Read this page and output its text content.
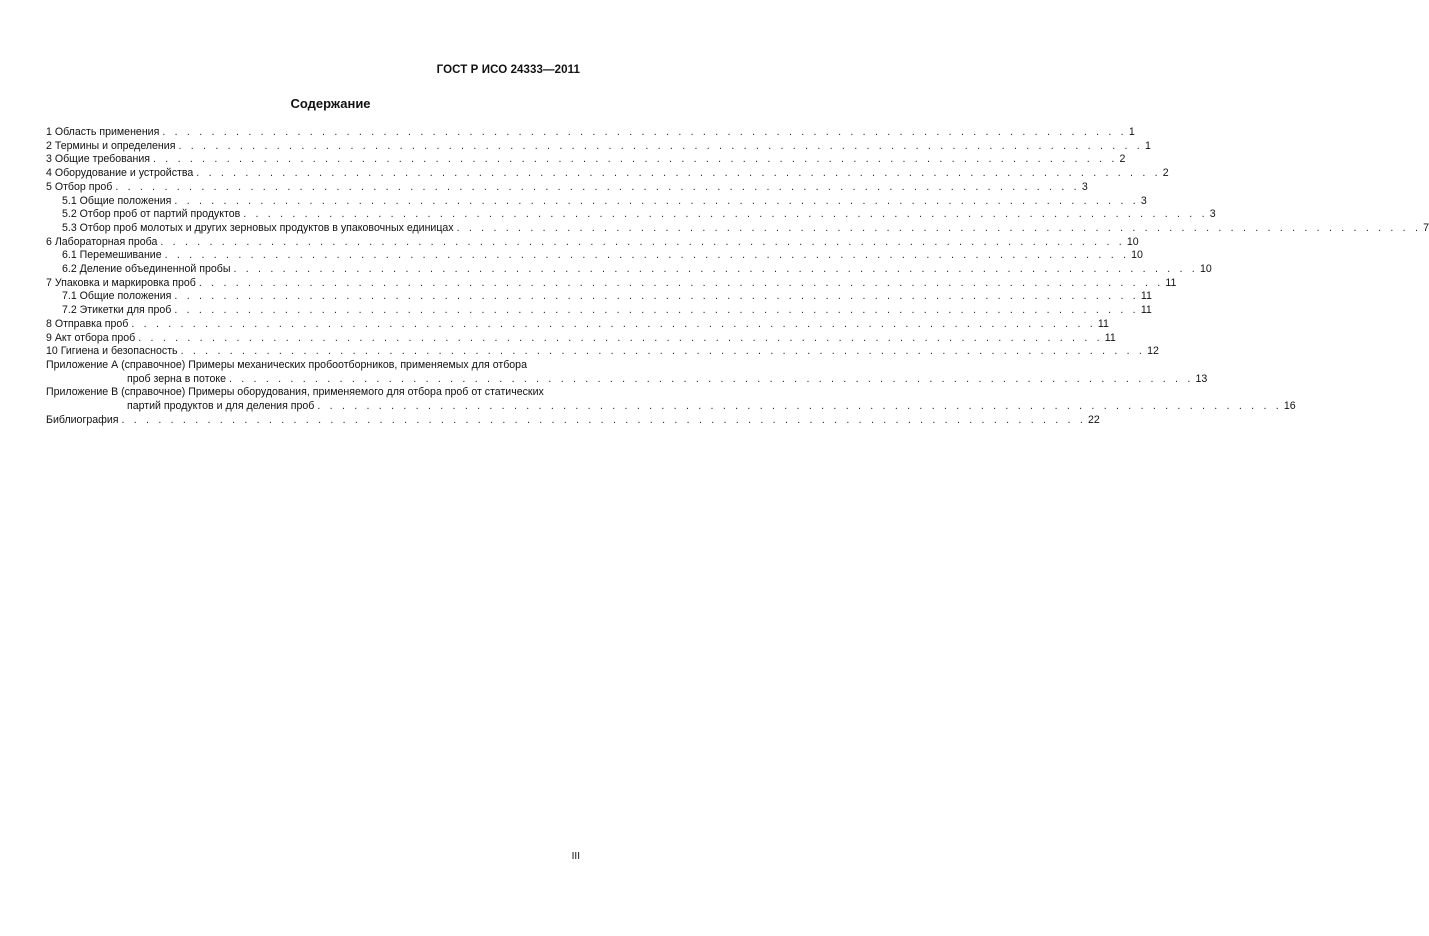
ГОСТ Р ИСО 24333—2011
Содержание
1 Область применения . . . . . . . . . . . . . . . . . . . . . . . . . . . . . . . . . . . . . . . . . . . . . . . . . . . . . . . . . . . . . . . . . . . . . . . . . . . . . . . 1
2 Термины и определения . . . . . . . . . . . . . . . . . . . . . . . . . . . . . . . . . . . . . . . . . . . . . . . . . . . . . . . . . . . . . . . . . . . . . . . . . . . . . . . 1
3 Общие требования . . . . . . . . . . . . . . . . . . . . . . . . . . . . . . . . . . . . . . . . . . . . . . . . . . . . . . . . . . . . . . . . . . . . . . . . . . . . . . . 2
4 Оборудование и устройства . . . . . . . . . . . . . . . . . . . . . . . . . . . . . . . . . . . . . . . . . . . . . . . . . . . . . . . . . . . . . . . . . . . . . . . . . . . . . . . 2
5 Отбор проб . . . . . . . . . . . . . . . . . . . . . . . . . . . . . . . . . . . . . . . . . . . . . . . . . . . . . . . . . . . . . . . . . . . . . . . . . . . . . . . 3
5.1 Общие положения . . . . . . . . . . . . . . . . . . . . . . . . . . . . . . . . . . . . . . . . . . . . . . . . . . . . . . . . . . . . . . . . . . . . . . . . . . . . . . . 3
5.2 Отбор проб от партий продуктов . . . . . . . . . . . . . . . . . . . . . . . . . . . . . . . . . . . . . . . . . . . . . . . . . . . . . . . . . . . . . . . . . . . . . . . . . . . . . . . 3
5.3 Отбор проб молотых и других зерновых продуктов в упаковочных единицах . . . . . . . . . . . . . . . . . . . . . . . . . . . . . . . . . . . . . . . . . . . . . . . . . . . . . . . . . . . . . . . . . . . . . . . . . . . . . . . 7
6 Лабораторная проба . . . . . . . . . . . . . . . . . . . . . . . . . . . . . . . . . . . . . . . . . . . . . . . . . . . . . . . . . . . . . . . . . . . . . . . . . . . . . . . 10
6.1 Перемешивание . . . . . . . . . . . . . . . . . . . . . . . . . . . . . . . . . . . . . . . . . . . . . . . . . . . . . . . . . . . . . . . . . . . . . . . . . . . . . . . 10
6.2 Деление объединенной пробы . . . . . . . . . . . . . . . . . . . . . . . . . . . . . . . . . . . . . . . . . . . . . . . . . . . . . . . . . . . . . . . . . . . . . . . . . . . . . . . 10
7 Упаковка и маркировка проб . . . . . . . . . . . . . . . . . . . . . . . . . . . . . . . . . . . . . . . . . . . . . . . . . . . . . . . . . . . . . . . . . . . . . . . . . . . . . . . 11
7.1 Общие положения . . . . . . . . . . . . . . . . . . . . . . . . . . . . . . . . . . . . . . . . . . . . . . . . . . . . . . . . . . . . . . . . . . . . . . . . . . . . . . . 11
7.2 Этикетки для проб . . . . . . . . . . . . . . . . . . . . . . . . . . . . . . . . . . . . . . . . . . . . . . . . . . . . . . . . . . . . . . . . . . . . . . . . . . . . . . . 11
8 Отправка проб . . . . . . . . . . . . . . . . . . . . . . . . . . . . . . . . . . . . . . . . . . . . . . . . . . . . . . . . . . . . . . . . . . . . . . . . . . . . . . . 11
9 Акт отбора проб . . . . . . . . . . . . . . . . . . . . . . . . . . . . . . . . . . . . . . . . . . . . . . . . . . . . . . . . . . . . . . . . . . . . . . . . . . . . . . . 11
10 Гигиена и безопасность . . . . . . . . . . . . . . . . . . . . . . . . . . . . . . . . . . . . . . . . . . . . . . . . . . . . . . . . . . . . . . . . . . . . . . . . . . . . . . . 12
Приложение А (справочное) Примеры механических пробоотборников, применяемых для отбора
проб зерна в потоке . . . . . . . . . . . . . . . . . . . . . . . . . . . . . . . . . . . . . . . . . . . . . . . . . . . . . . . . . . . . . . . . . . . . . . . . . . . . . . . 13
Приложение В (справочное) Примеры оборудования, применяемого для отбора проб от статических
партий продуктов и для деления проб . . . . . . . . . . . . . . . . . . . . . . . . . . . . . . . . . . . . . . . . . . . . . . . . . . . . . . . . . . . . . . . . . . . . . . . . . . . . . . . 16
Библиография . . . . . . . . . . . . . . . . . . . . . . . . . . . . . . . . . . . . . . . . . . . . . . . . . . . . . . . . . . . . . . . . . . . . . . . . . . . . . . . 22
III
